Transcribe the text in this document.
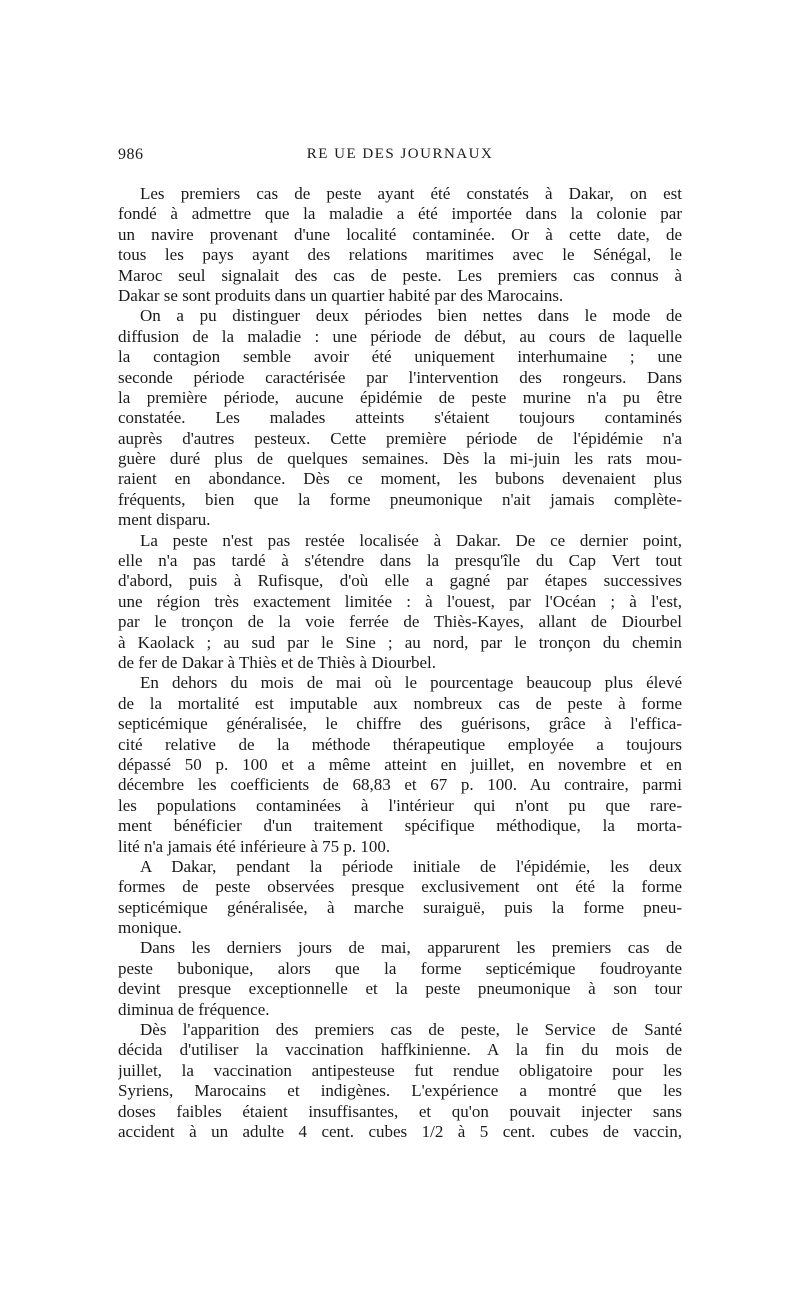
986	RE UE DES JOURNAUX
Les premiers cas de peste ayant été constatés à Dakar, on est
fondé à admettre que la maladie a été importée dans la colonie par
un navire provenant d'une localité contaminée. Or à cette date, de
tous les pays ayant des relations maritimes avec le Sénégal, le
Maroc seul signalait des cas de peste. Les premiers cas connus à
Dakar se sont produits dans un quartier habité par des Marocains.
On a pu distinguer deux périodes bien nettes dans le mode de
diffusion de la maladie : une période de début, au cours de laquelle
la contagion semble avoir été uniquement interhumaine ; une
seconde période caractérisée par l'intervention des rongeurs. Dans
la première période, aucune épidémie de peste murine n'a pu être
constatée. Les malades atteints s'étaient toujours contaminés
auprès d'autres pesteux. Cette première période de l'épidémie n'a
guère duré plus de quelques semaines. Dès la mi-juin les rats mou-
raient en abondance. Dès ce moment, les bubons devenaient plus
fréquents, bien que la forme pneumonique n'ait jamais complète-
ment disparu.
La peste n'est pas restée localisée à Dakar. De ce dernier point,
elle n'a pas tardé à s'étendre dans la presqu'île du Cap Vert tout
d'abord, puis à Rufisque, d'où elle a gagné par étapes successives
une région très exactement limitée : à l'ouest, par l'Océan ; à l'est,
par le tronçon de la voie ferrée de Thiès-Kayes, allant de Diourbel
à Kaolack ; au sud par le Sine ; au nord, par le tronçon du chemin
de fer de Dakar à Thiès et de Thiès à Diourbel.
En dehors du mois de mai où le pourcentage beaucoup plus élevé
de la mortalité est imputable aux nombreux cas de peste à forme
septicémique généralisée, le chiffre des guérisons, grâce à l'effica-
cité relative de la méthode thérapeutique employée a toujours
dépassé 50 p. 100 et a même atteint en juillet, en novembre et en
décembre les coefficients de 68,83 et 67 p. 100. Au contraire, parmi
les populations contaminées à l'intérieur qui n'ont pu que rare-
ment bénéficier d'un traitement spécifique méthodique, la morta-
lité n'a jamais été inférieure à 75 p. 100.
A Dakar, pendant la période initiale de l'épidémie, les deux
formes de peste observées presque exclusivement ont été la forme
septicémique généralisée, à marche suraiguë, puis la forme pneu-
monique.
Dans les derniers jours de mai, apparurent les premiers cas de
peste bubonique, alors que la forme septicémique foudroyante
devint presque exceptionnelle et la peste pneumonique à son tour
diminua de fréquence.
Dès l'apparition des premiers cas de peste, le Service de Santé
décida d'utiliser la vaccination haffkinienne. A la fin du mois de
juillet, la vaccination antipesteuse fut rendue obligatoire pour les
Syriens, Marocains et indigènes. L'expérience a montré que les
doses faibles étaient insuffisantes, et qu'on pouvait injecter sans
accident à un adulte 4 cent. cubes 1/2 à 5 cent. cubes de vaccin,
